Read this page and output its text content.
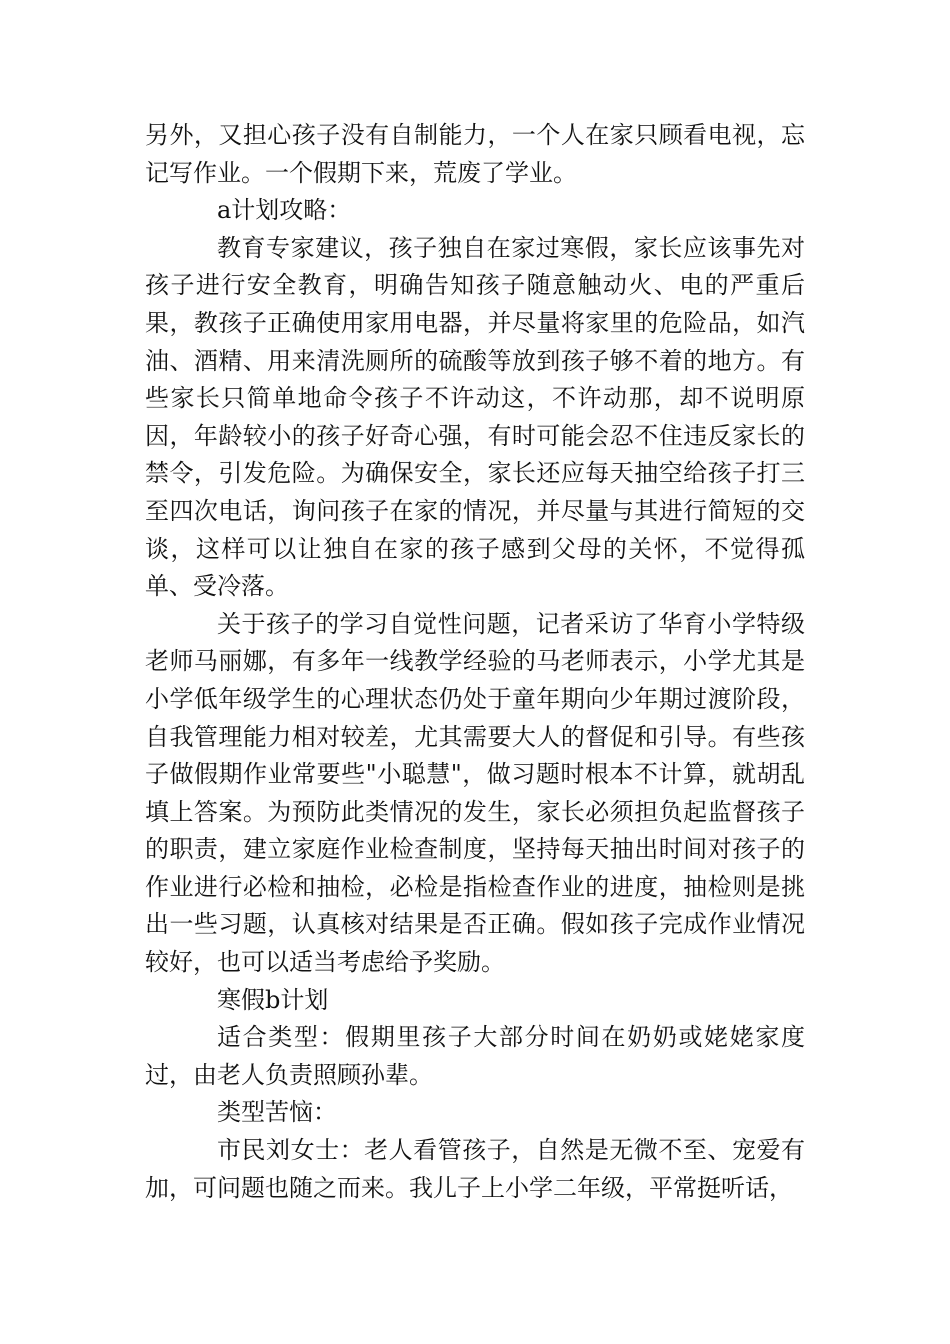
另外，又担心孩子没有自制能力，一个人在家只顾看电视，忘记写作业。一个假期下来，荒废了学业。

a计划攻略：

教育专家建议，孩子独自在家过寒假，家长应该事先对孩子进行安全教育，明确告知孩子随意触动火、电的严重后果，教孩子正确使用家用电器，并尽量将家里的危险品，如汽油、酒精、用来清洗厕所的硫酸等放到孩子够不着的地方。有些家长只简单地命令孩子不许动这，不许动那，却不说明原因，年龄较小的孩子好奇心强，有时可能会忍不住违反家长的禁令，引发危险。为确保安全，家长还应每天抽空给孩子打三至四次电话，询问孩子在家的情况，并尽量与其进行简短的交谈，这样可以让独自在家的孩子感到父母的关怀，不觉得孤单、受冷落。

关于孩子的学习自觉性问题，记者采访了华育小学特级老师马丽娜，有多年一线教学经验的马老师表示，小学尤其是小学低年级学生的心理状态仍处于童年期向少年期过渡阶段，自我管理能力相对较差，尤其需要大人的督促和引导。有些孩子做假期作业常要些"小聪慧"，做习题时根本不计算，就胡乱填上答案。为预防此类情况的发生，家长必须担负起监督孩子的职责，建立家庭作业检查制度，坚持每天抽出时间对孩子的作业进行必检和抽检，必检是指检查作业的进度，抽检则是挑出一些习题，认真核对结果是否正确。假如孩子完成作业情况较好，也可以适当考虑给予奖励。

寒假b计划

适合类型：假期里孩子大部分时间在奶奶或姥姥家度过，由老人负责照顾孙辈。

类型苦恼：

市民刘女士：老人看管孩子，自然是无微不至、宠爱有加，可问题也随之而来。我儿子上小学二年级，平常挺听话，
